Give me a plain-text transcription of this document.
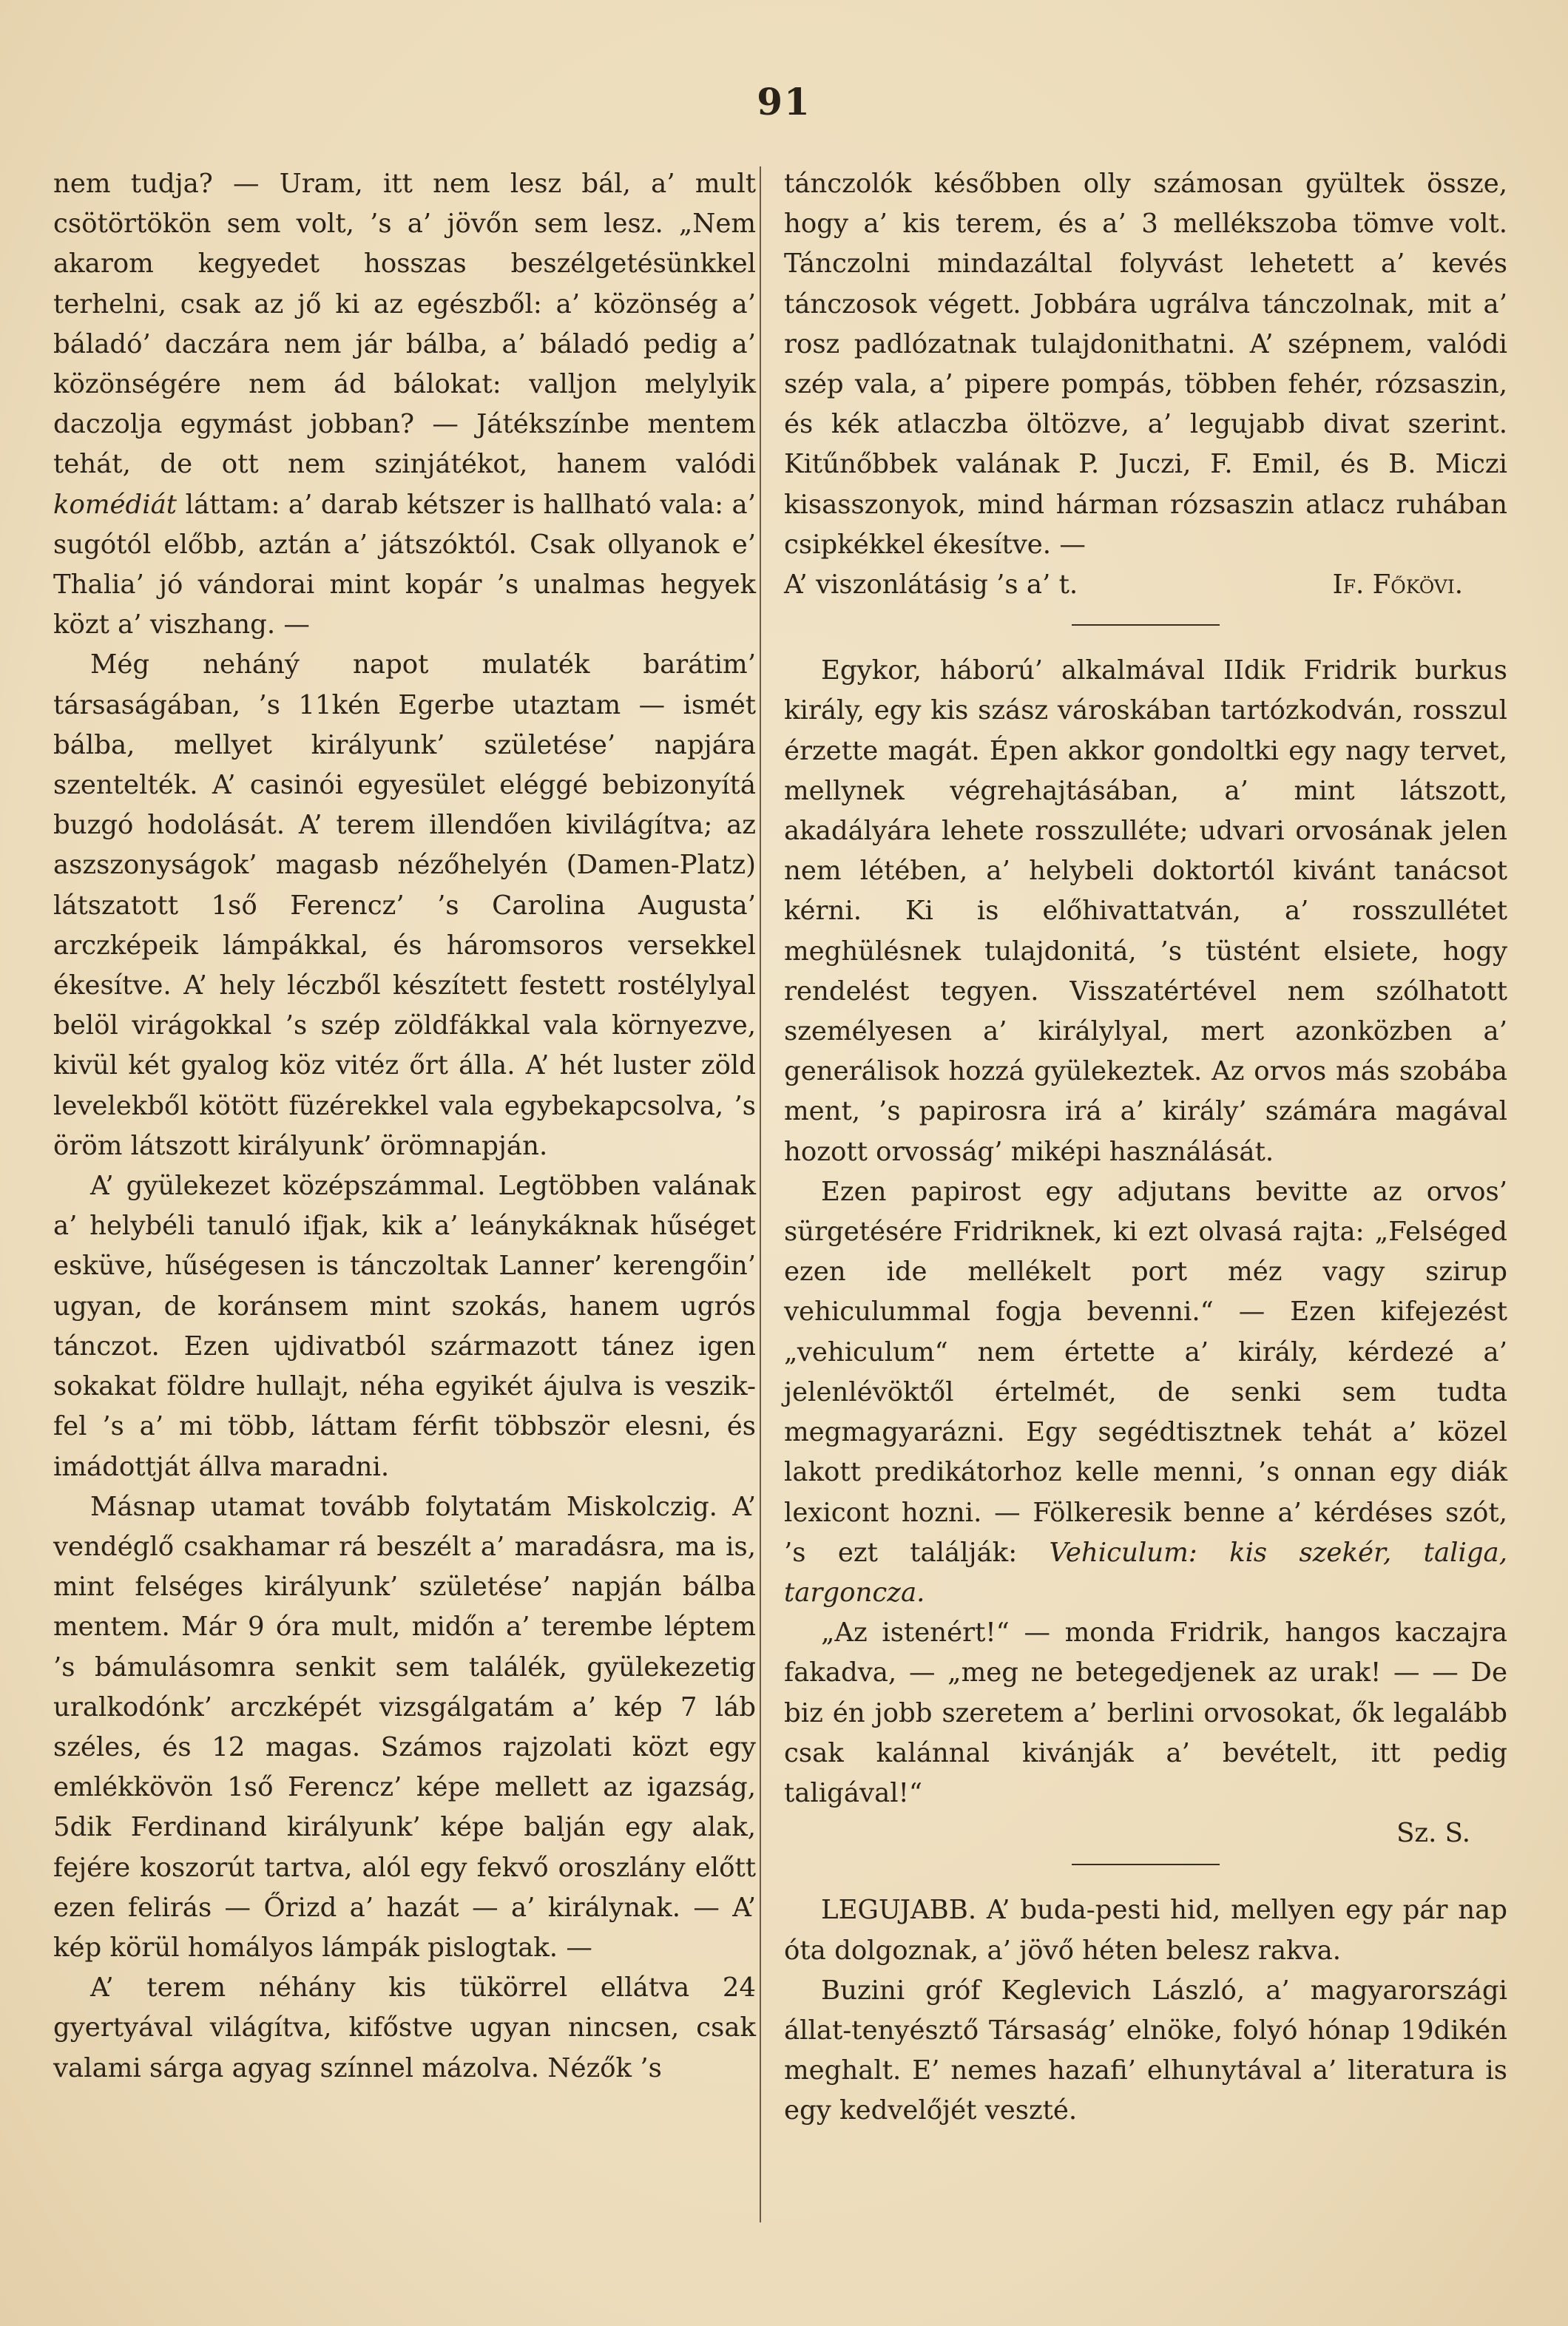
91

nem tudja? — Uram, itt nem lesz bál, a’ mult csötörtökön sem volt, ’s a’ jövőn sem lesz. „Nem akarom kegyedet hosszas beszélgetésünkkel terhelni, csak az jő ki az egészből: a’ közönség a’ báladó’ daczára nem jár bálba, a’ báladó pedig a’ közönségére nem ád bálokat: valljon melylyik daczolja egymást jobban? — Játékszínbe mentem tehát, de ott nem szinjátékot, hanem valódi komédiát láttam: a’ darab kétszer is hallható vala: a’ sugótól előbb, aztán a’ játszóktól. Csak ollyanok e’ Thalia’ jó vándorai mint kopár ’s unalmas hegyek közt a’ viszhang. —

Még neháný napot mulaték barátim’ társaságában, ’s 11kén Egerbe utaztam — ismét bálba, mellyet királyunk’ születése’ napjára szentelték. A’ casinói egyesület eléggé bebizonyítá buzgó hodolását. A’ terem illendően kivilágítva; az aszszonyságok’ magasb nézőhelyén (Damen-Platz) látszatott 1ső Ferencz’ ’s Carolina Augusta’ arczképeik lámpákkal, és háromsoros versekkel ékesítve. A’ hely léczből készített festett rostélylyal belöl virágokkal ’s szép zöldfákkal vala környezve, kivül két gyalog köz vitéz őrt álla. A’ hét luster zöld levelekből kötött füzérekkel vala egybekapcsolva, ’s öröm látszott királyunk’ örömnapján.

A’ gyülekezet középszámmal. Legtöbben valának a’ helybéli tanuló ifjak, kik a’ leánykáknak hűséget esküve, hűségesen is tánczoltak Lanner’ kerengőin’ ugyan, de koránsem mint szokás, hanem ugrós tánczot. Ezen ujdivatból származott tánez igen sokakat földre hullajt, néha egyikét ájulva is veszik-fel ’s a’ mi több, láttam férfit többször elesni, és imádottját állva maradni.

Másnap utamat tovább folytatám Miskolczig. A’ vendéglő csakhamar rá beszélt a’ maradásra, ma is, mint felséges királyunk’ születése’ napján bálba mentem. Már 9 óra mult, midőn a’ terembe léptem ’s bámulásomra senkit sem találék, gyülekezetig uralkodónk’ arczképét vizsgálgatám a’ kép 7 láb széles, és 12 magas. Számos rajzolati közt egy emlékkövön 1ső Ferencz’ képe mellett az igazság, 5dik Ferdinand királyunk’ képe balján egy alak, fejére koszorút tartva, alól egy fekvő oroszlány előtt ezen felirás — Őrizd a’ hazát — a’ királynak. — A’ kép körül homályos lámpák pislogtak. —

A’ terem néhány kis tükörrel ellátva 24 gyertyával világítva, kifőstve ugyan nincsen, csak valami sárga agyag színnel mázolva. Nézők ’s

tánczolók későbben olly számosan gyültek össze, hogy a’ kis terem, és a’ 3 mellékszoba tömve volt. Tánczolni mindazáltal folyvást lehetett a’ kevés tánczosok végett. Jobbára ugrálva tánczolnak, mit a’ rosz padlózatnak tulajdonithatni. A’ szépnem, valódi szép vala, a’ pipere pompás, többen fehér, rózsaszin, és kék atlaczba öltözve, a’ legujabb divat szerint. Kitűnőbbek valának P. Juczi, F. Emil, és B. Miczi kisasszonyok, mind hárman rózsaszin atlacz ruhában csipkékkel ékesítve. —

A’ viszonlátásig ’s a’ t.	If. Főkövi.

Egykor, háború’ alkalmával IIdik Fridrik burkus király, egy kis szász városkában tartózkodván, rosszul érzette magát. Épen akkor gondoltki egy nagy tervet, mellynek végrehajtásában, a’ mint látszott, akadályára lehete rosszulléte; udvari orvosának jelen nem létében, a’ helybeli doktortól kivánt tanácsot kérni. Ki is előhivattatván, a’ rosszullétet meghülésnek tulajdonitá, ’s tüstént elsiete, hogy rendelést tegyen. Visszatértével nem szólhatott személyesen a’ királylyal, mert azonközben a’ generálisok hozzá gyülekeztek. Az orvos más szobába ment, ’s papirosra irá a’ király’ számára magával hozott orvosság’ miképi használását.

Ezen papirost egy adjutans bevitte az orvos’ sürgetésére Fridriknek, ki ezt olvasá rajta: „Felséged ezen ide mellékelt port méz vagy szirup vehiculummal fogja bevenni.“ — Ezen kifejezést „vehiculum“ nem értette a’ király, kérdezé a’ jelenlévöktől értelmét, de senki sem tudta megmagyarázni. Egy segédtisztnek tehát a’ közel lakott predikátorhoz kelle menni, ’s onnan egy diák lexicont hozni. — Fölkeresik benne a’ kérdéses szót, ’s ezt találják: Vehiculum: kis szekér, taliga, targoncza.

„Az istenért!“ — monda Fridrik, hangos kaczajra fakadva, — „meg ne betegedjenek az urak! — — De biz én jobb szeretem a’ berlini orvosokat, ők legalább csak kalánnal kivánják a’ bevételt, itt pedig taligával!“

Sz. S.

LEGUJABB. A’ buda-pesti hid, mellyen egy pár nap óta dolgoznak, a’ jövő héten belesz rakva.

Buzini gróf Keglevich László, a’ magyarországi állat-tenyésztő Társaság’ elnöke, folyó hónap 19dikén meghalt. E’ nemes hazafi’ elhunytával a’ literatura is egy kedvelőjét veszté.
